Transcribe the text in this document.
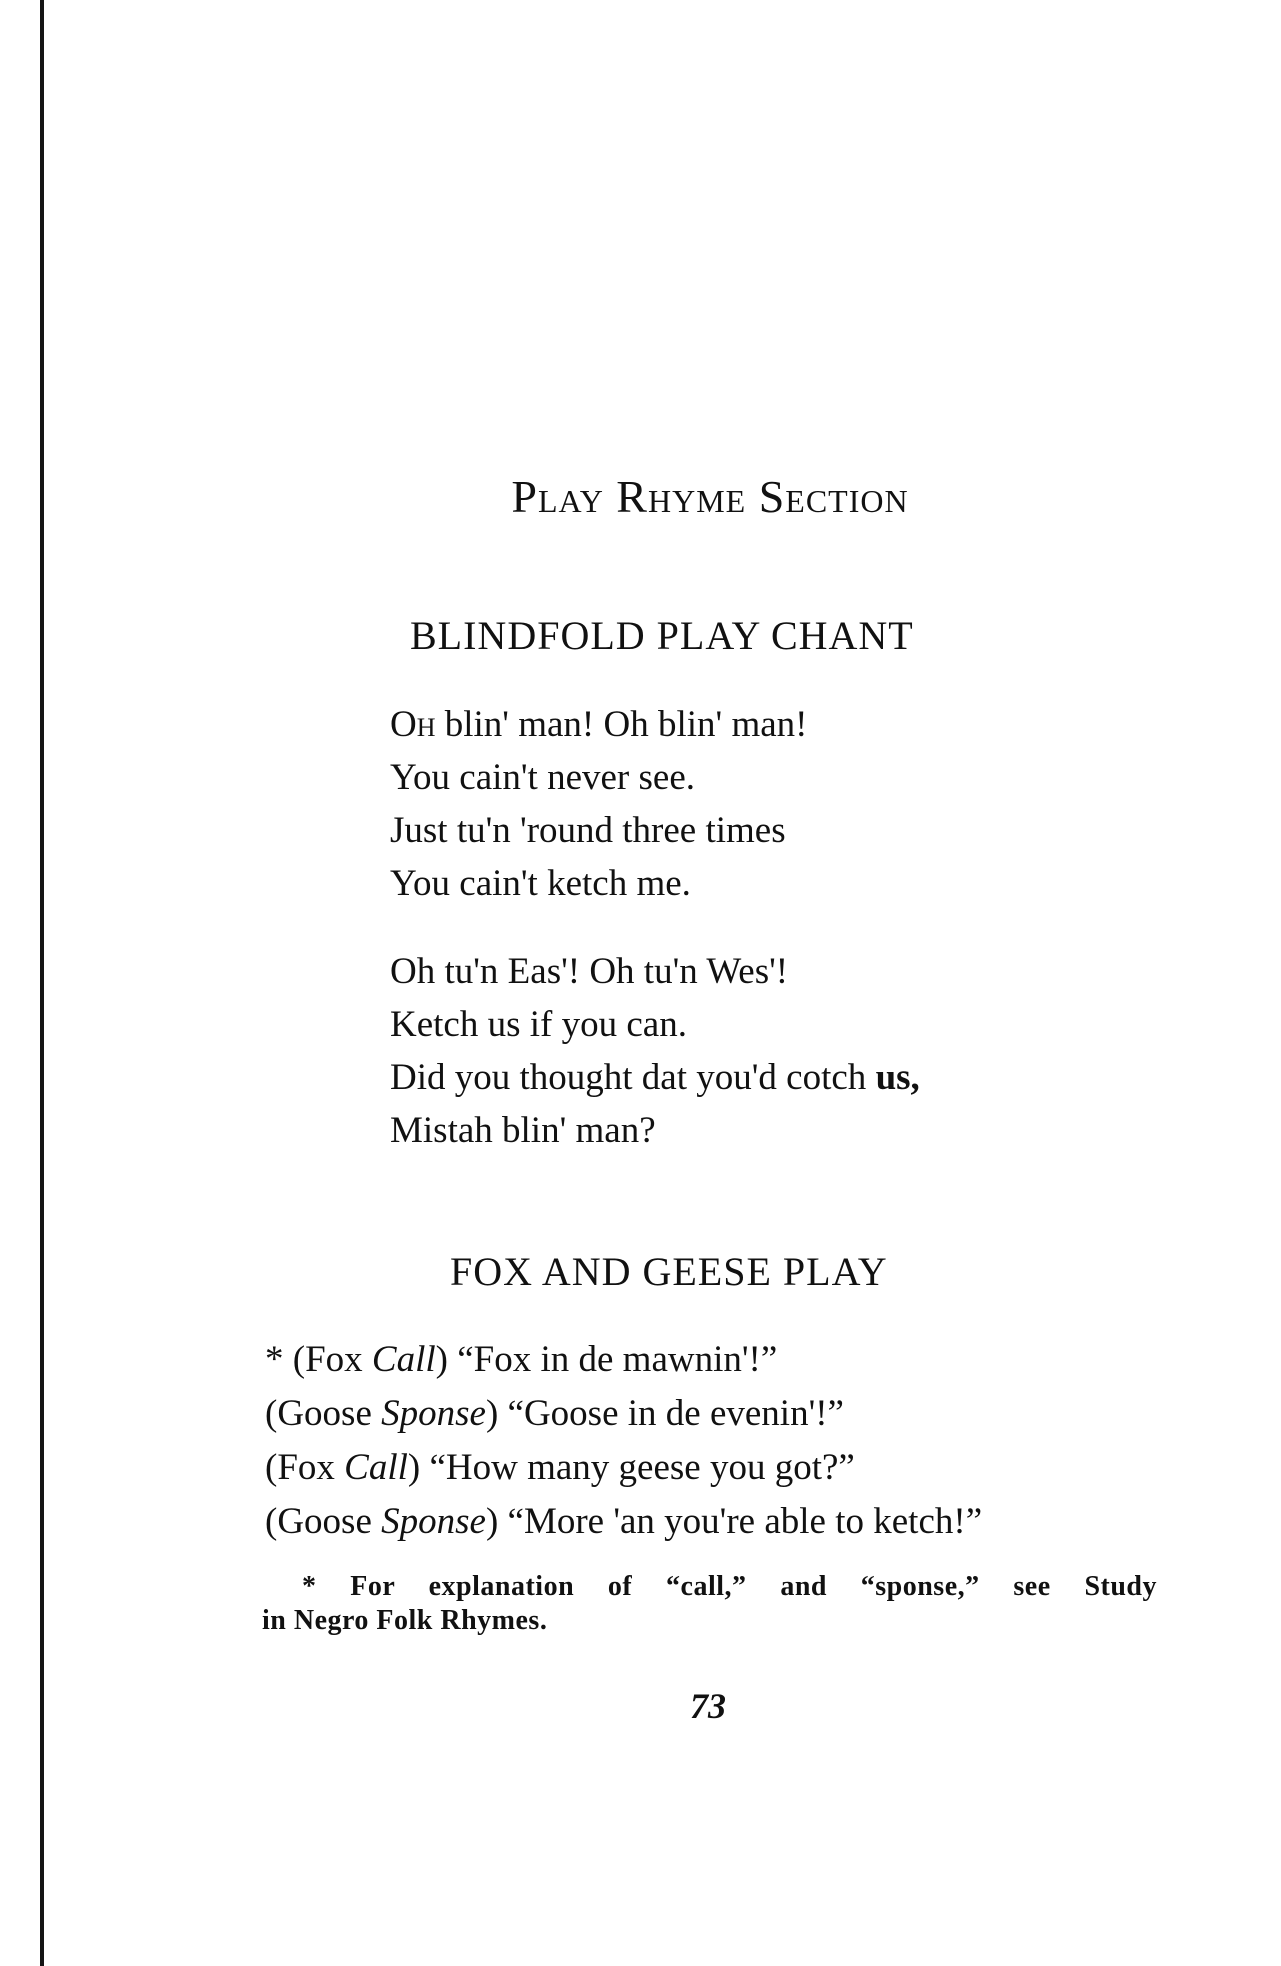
Play Rhyme Section
BLINDFOLD PLAY CHANT
Oh blin' man! Oh blin' man!
You cain't never see.
Just tu'n 'round three times
You cain't ketch me.
Oh tu'n Eas'! Oh tu'n Wes'!
Ketch us if you can.
Did you thought dat you'd cotch us,
Mistah blin' man?
FOX AND GEESE PLAY
* (Fox Call) “Fox in de mawnin'!”
(Goose Sponse) “Goose in de evenin'!”
(Fox Call) “How many geese you got?”
(Goose Sponse) “More 'an you're able to ketch!”
* For explanation of “call,” and “sponse,” see Study
in Negro Folk Rhymes.
73
